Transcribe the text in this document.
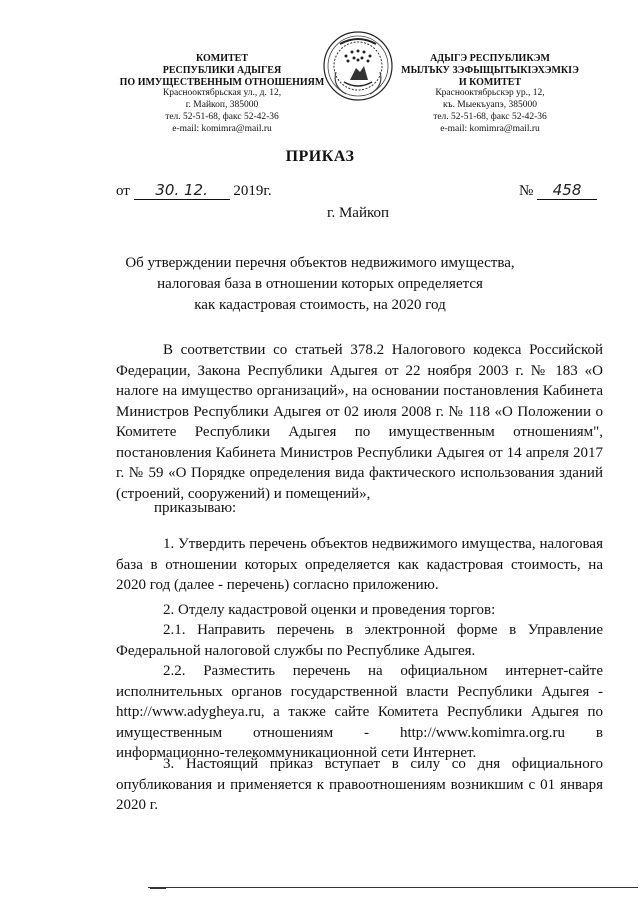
КОМИТЕТ
РЕСПУБЛИКИ АДЫГЕЯ
ПО ИМУЩЕСТВЕННЫМ ОТНОШЕНИЯМ
Краснооктябрьская ул., д. 12,
г. Майкоп, 385000
тел. 52-51-68, факс 52-42-36
e-mail: komimra@mail.ru
АДЫГЭ РЕСПУБЛИКЭМ
МЫЛЪКУ ЗЭФЫЩЫТЫКІЭХЭМКІЭ
И КОМИТЕТ
Краснооктябрьскэр ур., 12,
къ. Мыекъуапэ, 385000
тел. 52-51-68, факс 52-42-36
e-mail: komimra@mail.ru
ПРИКАЗ
от 30. 12. 2019г.	№ 458
г. Майкоп
Об утверждении перечня объектов недвижимого имущества,
налоговая база в отношении которых определяется
как кадастровая стоимость, на 2020 год
В соответствии со статьей 378.2 Налогового кодекса Российской Федерации, Закона Республики Адыгея от 22 ноября 2003 г. № 183 «О налоге на имущество организаций», на основании постановления Кабинета Министров Республики Адыгея от 02 июля 2008 г. № 118 «О Положении о Комитете Республики Адыгея по имущественным отношениям", постановления Кабинета Министров Республики Адыгея от 14 апреля 2017 г. № 59 «О Порядке определения вида фактического использования зданий (строений, сооружений) и помещений»,
приказываю:
1. Утвердить перечень объектов недвижимого имущества, налоговая база в отношении которых определяется как кадастровая стоимость, на 2020 год (далее - перечень) согласно приложению.
2. Отделу кадастровой оценки и проведения торгов:
2.1. Направить перечень в электронной форме в Управление Федеральной налоговой службы по Республике Адыгея.
2.2. Разместить перечень на официальном интернет-сайте исполнительных органов государственной власти Республики Адыгея - http://www.adygheya.ru, а также сайте Комитета Республики Адыгея по имущественным отношениям - http://www.komimra.org.ru в информационно-телекоммуникационной сети Интернет.
3. Настоящий приказ вступает в силу со дня официального опубликования и применяется к правоотношениям возникшим с 01 января 2020 г.
